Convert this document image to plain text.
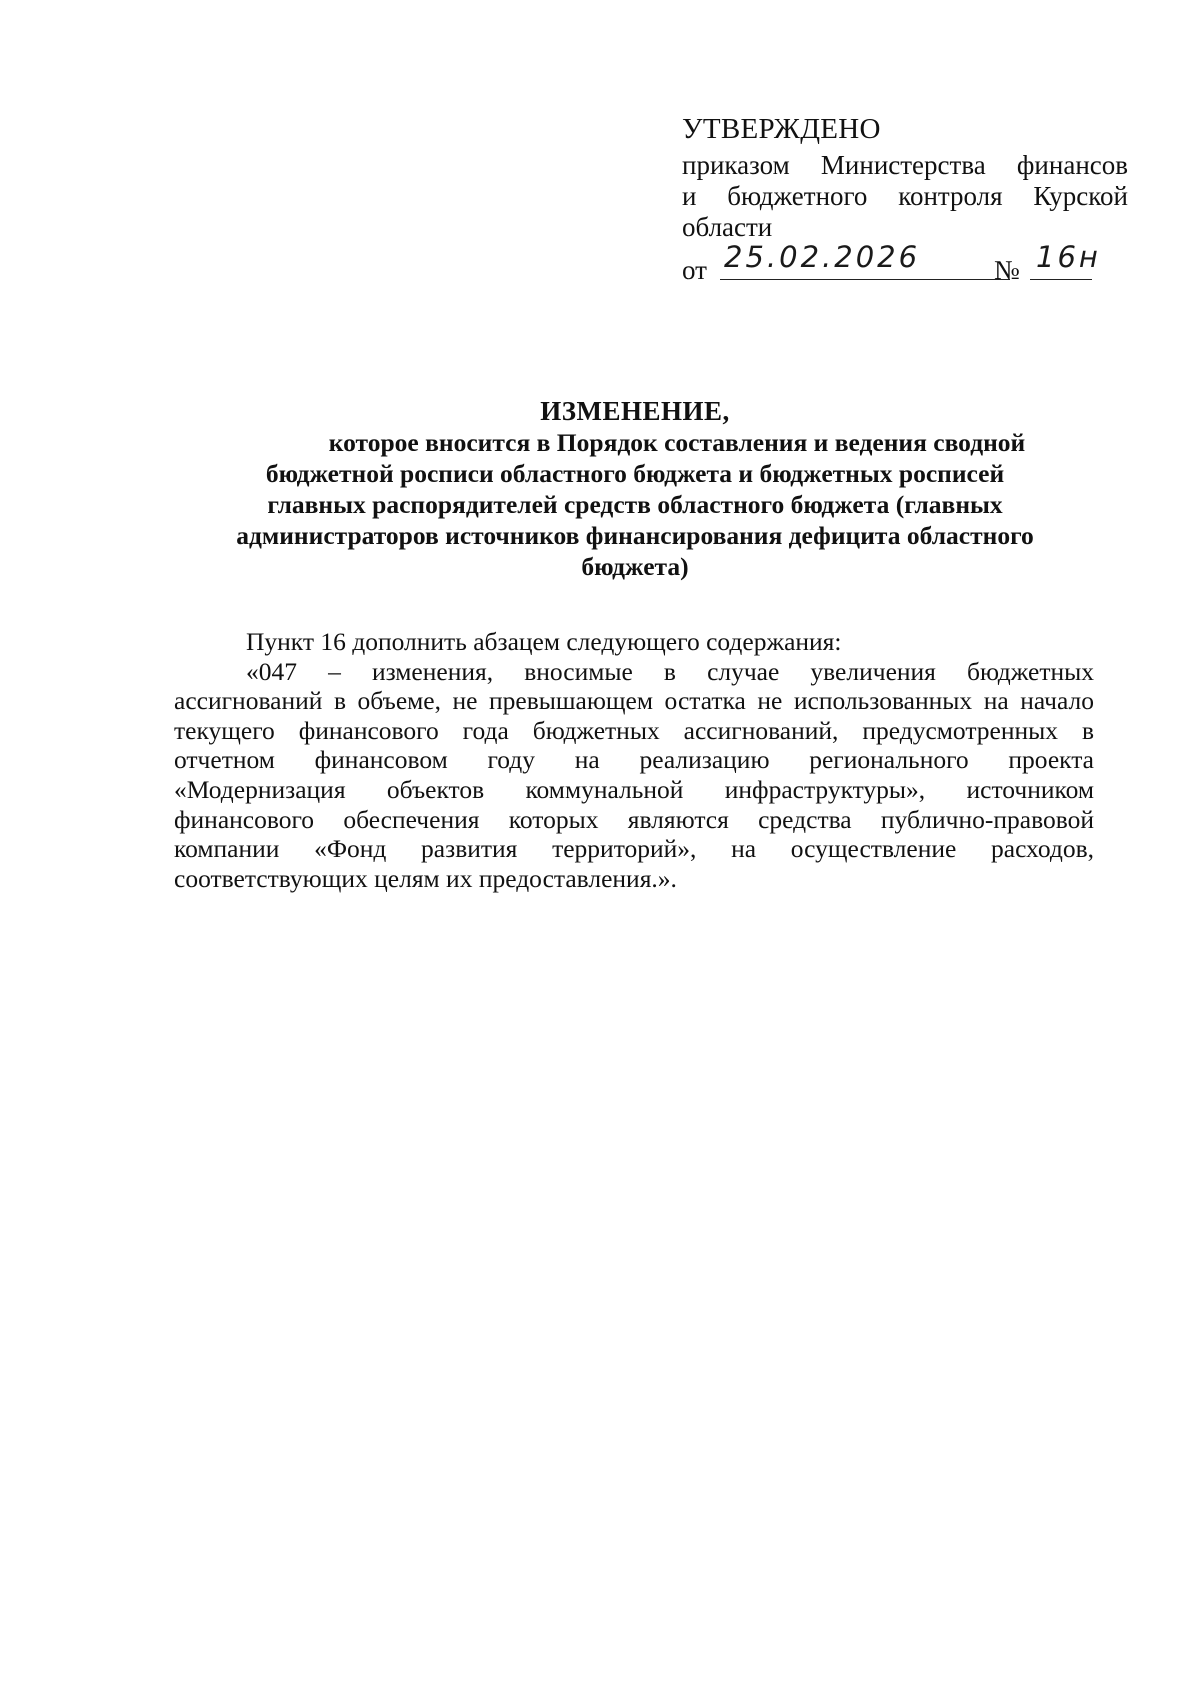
УТВЕРЖДЕНО
приказом Министерства финансов
и бюджетного контроля Курской
области
от 25.02.2026	№ 16н
ИЗМЕНЕНИЕ,
которое вносится в Порядок составления и ведения сводной
бюджетной росписи областного бюджета и бюджетных росписей
главных распорядителей средств областного бюджета (главных
администраторов источников финансирования дефицита областного
бюджета)
Пункт 16 дополнить абзацем следующего содержания:
«047 – изменения, вносимые в случае увеличения бюджетных
ассигнований в объеме, не превышающем остатка не использованных на начало
текущего финансового года бюджетных ассигнований, предусмотренных в
отчетном финансовом году на реализацию регионального проекта
«Модернизация объектов коммунальной инфраструктуры», источником
финансового обеспечения которых являются средства публично-правовой
компании «Фонд развития территорий», на осуществление расходов,
соответствующих целям их предоставления.».
